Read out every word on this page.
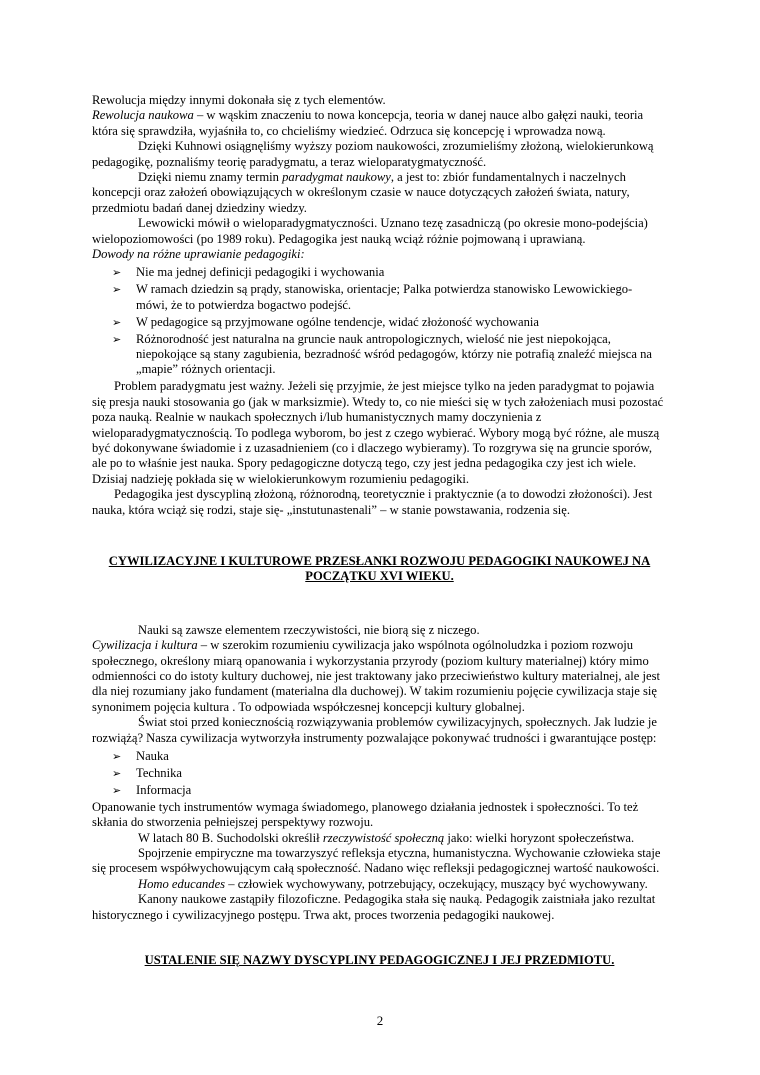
Rewolucja między innymi dokonała się z tych elementów.

Rewolucja naukowa – w wąskim znaczeniu to nowa koncepcja, teoria w danej nauce albo gałęzi nauki, teoria która się sprawdziła, wyjaśniła to, co chcieliśmy wiedzieć. Odrzuca się koncepcję i wprowadza nową.

Dzięki Kuhnowi osiągnęliśmy wyższy poziom naukowości, zrozumieliśmy złożoną, wielokierunkową pedagogikę, poznaliśmy teorię paradygmatu, a teraz wieloparatygmatyczność.

Dzięki niemu znamy termin paradygmat naukowy, a jest to: zbiór fundamentalnych i naczelnych koncepcji oraz założeń obowiązujących w określonym czasie w nauce dotyczących założeń świata, natury, przedmiotu badań danej dziedziny wiedzy.

Lewowicki mówił o wieloparadygmatyczności. Uznano tezę zasadniczą (po okresie mono-podejścia) wielopoziomowości (po 1989 roku). Pedagogika jest nauką wciąż różnie pojmowaną i uprawianą.

Dowody na różne uprawianie pedagogiki:

➢ Nie ma jednej definicji pedagogiki i wychowania
➢ W ramach dziedzin są prądy, stanowiska, orientacje; Palka potwierdza stanowisko Lewowickiego- mówi, że to potwierdza bogactwo podejść.
➢ W pedagogice są przyjmowane ogólne tendencje, widać złożoność wychowania
➢ Różnorodność jest naturalna na gruncie nauk antropologicznych, wielość nie jest niepokojąca, niepokojące są stany zagubienia, bezradność wśród pedagogów, którzy nie potrafią znaleźć miejsca na „mapie” różnych orientacji.

Problem paradygmatu jest ważny. Jeżeli się przyjmie, że jest miejsce tylko na jeden paradygmat to pojawia się presja nauki stosowania go (jak w marksizmie). Wtedy to, co nie mieści się w tych założeniach musi pozostać poza nauką. Realnie w naukach społecznych i/lub humanistycznych mamy doczynienia z wieloparadygmatycznością. To podlega wyborom, bo jest z czego wybierać. Wybory mogą być różne, ale muszą być dokonywane świadomie i z uzasadnieniem (co i dlaczego wybieramy). To rozgrywa się na gruncie sporów, ale po to właśnie jest nauka. Spory pedagogiczne dotyczą tego, czy jest jedna pedagogika czy jest ich wiele. Dzisiaj nadzieję pokłada się w wielokierunkowym rozumieniu pedagogiki.

Pedagogika jest dyscypliną złożoną, różnorodną, teoretycznie i praktycznie (a to dowodzi złożoności). Jest nauka, która wciąż się rodzi, staje się- „instutunastenali” – w stanie powstawania, rodzenia się.

CYWILIZACYJNE I KULTUROWE PRZESŁANKI ROZWOJU PEDAGOGIKI NAUKOWEJ NA POCZĄTKU XVI WIEKU.

Nauki są zawsze elementem rzeczywistości, nie biorą się z niczego.

Cywilizacja i kultura – w szerokim rozumieniu cywilizacja jako wspólnota ogólnoludzka i poziom rozwoju społecznego, określony miarą opanowania i wykorzystania przyrody (poziom kultury materialnej) który mimo odmienności co do istoty kultury duchowej, nie jest traktowany jako przeciwieństwo kultury materialnej, ale jest dla niej rozumiany jako fundament (materialna dla duchowej). W takim rozumieniu pojęcie cywilizacja staje się synonimem pojęcia kultura . To odpowiada współczesnej koncepcji kultury globalnej.

Świat stoi przed koniecznością rozwiązywania problemów cywilizacyjnych, społecznych. Jak ludzie je rozwiążą? Nasza cywilizacja wytworzyła instrumenty pozwalające pokonywać trudności i gwarantujące postęp:

➢ Nauka
➢ Technika
➢ Informacja

Opanowanie tych instrumentów wymaga świadomego, planowego działania jednostek i społeczności. To też skłania do stworzenia pełniejszej perspektywy rozwoju.

W latach 80 B. Suchodolski określił rzeczywistość społeczną jako: wielki horyzont społeczeństwa.

Spojrzenie empiryczne ma towarzyszyć refleksja etyczna, humanistyczna. Wychowanie człowieka staje się procesem współwychowującym całą społeczność. Nadano więc refleksji pedagogicznej wartość naukowości.

Homo educandes – człowiek wychowywany, potrzebujący, oczekujący, muszący być wychowywany.

Kanony naukowe zastąpiły filozoficzne. Pedagogika stała się nauką. Pedagogik zaistniała jako rezultat historycznego i cywilizacyjnego postępu. Trwa akt, proces tworzenia pedagogiki naukowej.

USTALENIE SIĘ NAZWY DYSCYPLINY PEDAGOGICZNEJ I JEJ PRZEDMIOTU.

2
